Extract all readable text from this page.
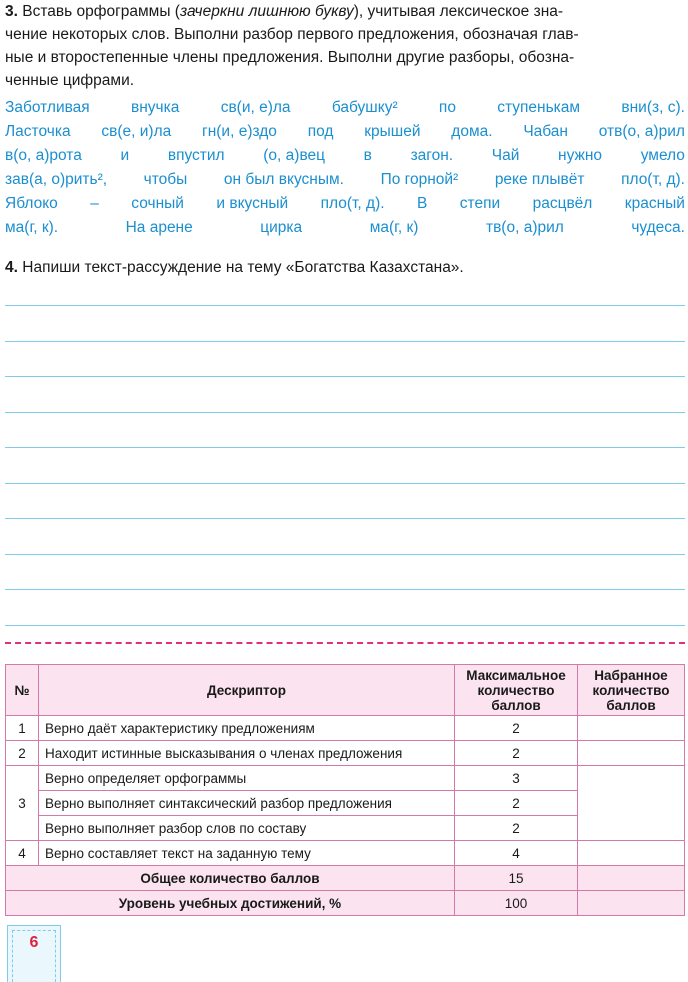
3. Вставь орфограммы (зачеркни лишнюю букву), учитывая лексическое зна-

чение некоторых слов. Выполни разбор первого предложения, обозначая глав-

ные и второстепенные члены предложения. Выполни другие разборы, обозна-

ченные цифрами.

Заботливая	внучка	св(и, е)ла	бабушку²	по	ступенькам	вни(з, с).
Ласточка св(е, и)ла гн(и, е)здо под крышей дома. Чабан отв(о, а)рил
в(о, а)рота и впустил (о, а)вец в загон. Чай нужно умело
зав(а, о)рить², чтобы он был вкусным. По горной² реке плывёт пло(т, д).
Яблоко – сочный и вкусный пло(т, д). В степи расцвёл красный
ма(г, к).	На арене	цирка	ма(г, к)	тв(о, а)рил	чудеса.
4. Напиши текст-рассуждение на тему «Богатства Казахстана».
№	Дескриптор	Максимальное количество баллов	Набранное количество баллов
1	Верно даёт характеристику предложениям	2	
2	Находит истинные высказывания о членах предложения	2	
3	Верно определяет орфограммы	3	
	Верно выполняет синтаксический разбор предложения	2	
	Верно выполняет разбор слов по составу	2	
4	Верно составляет текст на заданную тему	4	
Общее количество баллов		15	
Уровень учебных достижений, %		100	
6
